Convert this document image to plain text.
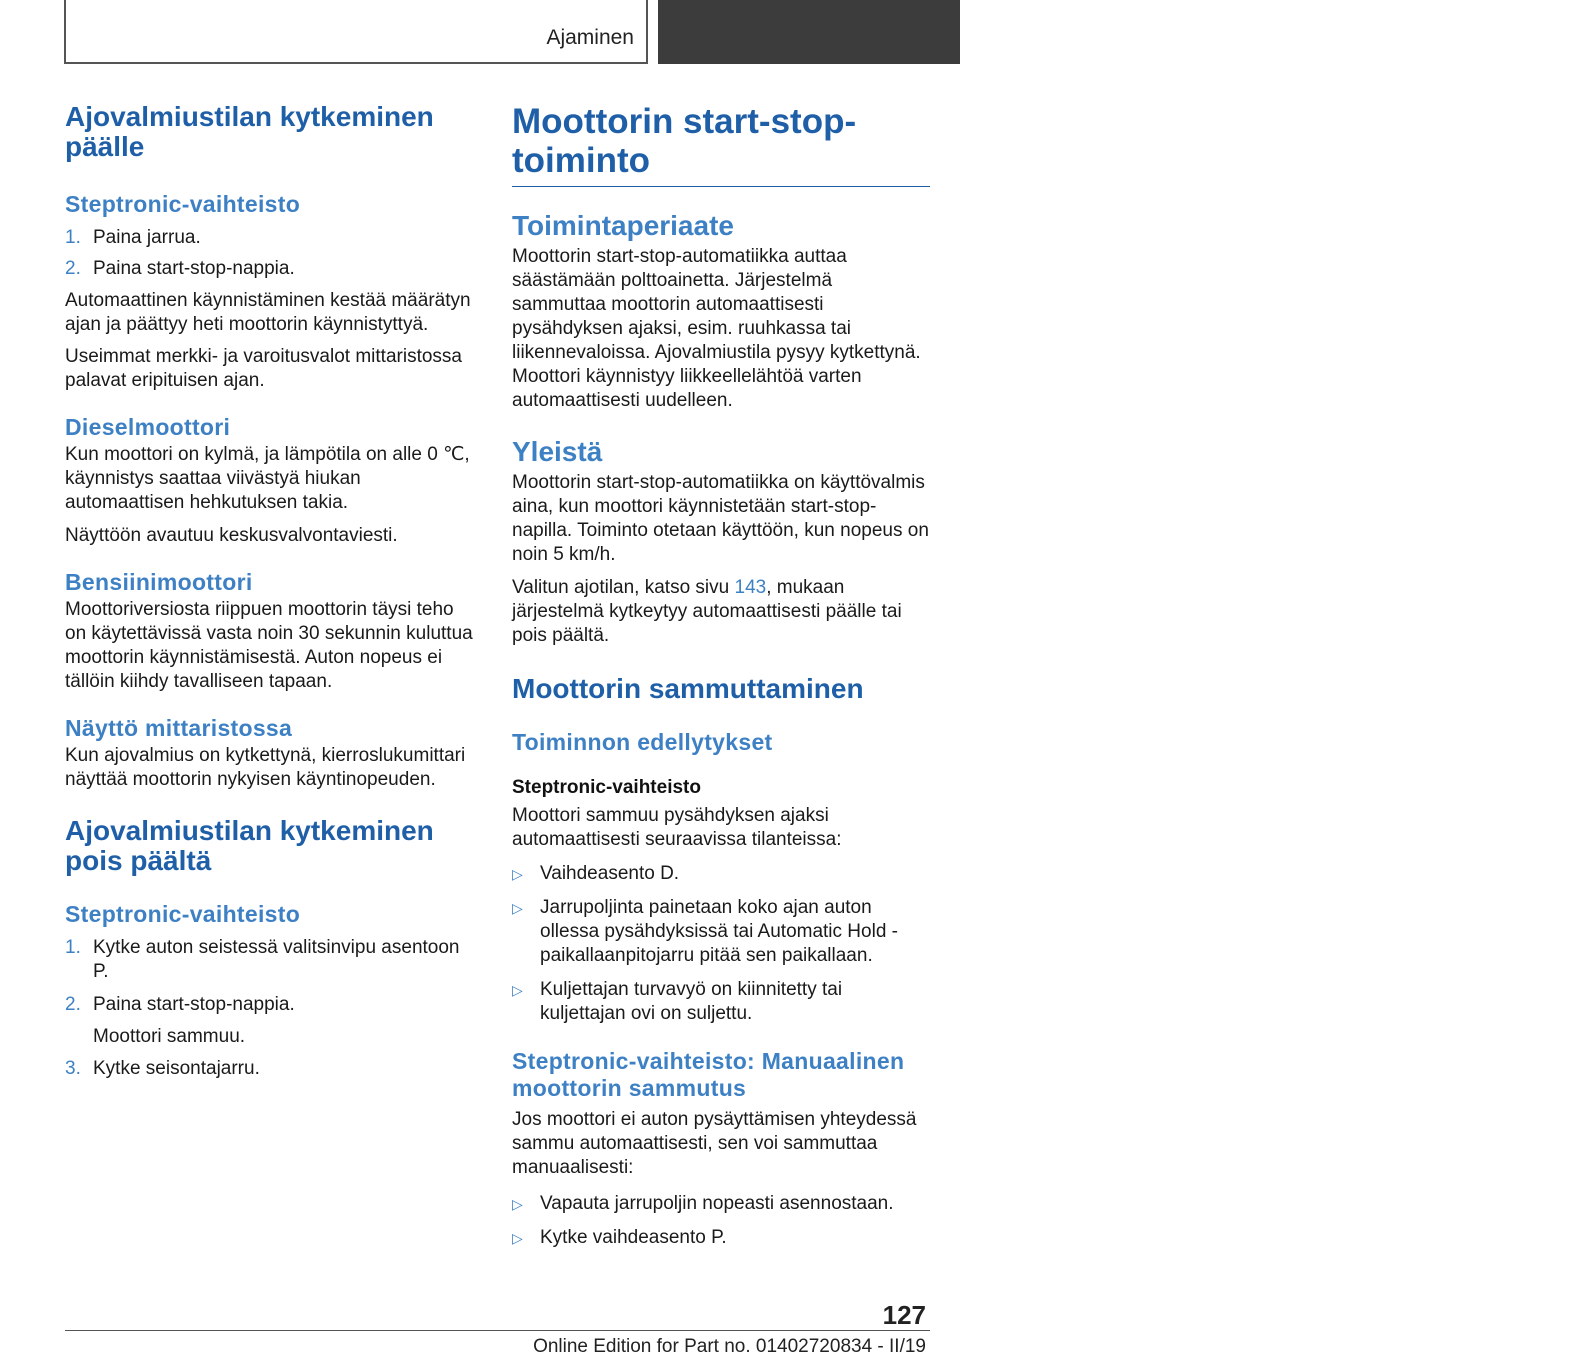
Ajaminen	KÄYTTÖ
Ajovalmiustilan kytkeminen päälle
Steptronic-vaihteisto
1. Paina jarrua.
2. Paina start-stop-nappia.

Automaattinen käynnistäminen kestää määrätyn ajan ja päättyy heti moottorin käynnistyttyä.

Useimmat merkki- ja varoitusvalot mittaristossa palavat eripituisen ajan.

Dieselmoottori

Kun moottori on kylmä, ja lämpötila on alle 0 ℃, käynnistys saattaa viivästyä hiukan automaattisen hehkutuksen takia.

Näyttöön avautuu keskusvalvontaviesti.

Bensiinimoottori

Moottoriversiosta riippuen moottorin täysi teho on käytettävissä vasta noin 30 sekunnin kuluttua moottorin käynnistämisestä. Auton nopeus ei tällöin kiihdy tavalliseen tapaan.

Näyttö mittaristossa

Kun ajovalmius on kytkettynä, kierroslukumittari näyttää moottorin nykyisen käyntinopeuden.

Ajovalmiustilan kytkeminen pois päältä
Steptronic-vaihteisto
1. Kytke auton seistessä valitsinvipu asentoon P.
2. Paina start-stop-nappia.

Moottori sammuu.

3. Kytke seisontajarru.
Moottorin start-stop-toiminto
Toimintaperiaate

Moottorin start-stop-automatiikka auttaa säästämään polttoainetta. Järjestelmä sammuttaa moottorin automaattisesti pysähdyksen ajaksi, esim. ruuhkassa tai liikennevaloissa. Ajovalmiustila pysyy kytkettynä. Moottori käynnistyy liikkeellelähtöä varten automaattisesti uudelleen.

Yleistä

Moottorin start-stop-automatiikka on käyttövalmis aina, kun moottori käynnistetään start-stop-napilla. Toiminto otetaan käyttöön, kun nopeus on noin 5 km/h.

Valitun ajotilan, katso sivu 143, mukaan järjestelmä kytkeytyy automaattisesti päälle tai pois päältä.

Moottorin sammuttaminen
Toiminnon edellytykset
Steptronic-vaihteisto

Moottori sammuu pysähdyksen ajaksi automaattisesti seuraavissa tilanteissa:

▷ Vaihdeasento D.
▷ Jarrupoljinta painetaan koko ajan auton ollessa pysähdyksissä tai Automatic Hold -paikallaanpitojarru pitää sen paikallaan.
▷ Kuljettajan turvavyö on kiinnitetty tai kuljettajan ovi on suljettu.
Steptronic-vaihteisto: Manuaalinen moottorin sammutus

Jos moottori ei auton pysäyttämisen yhteydessä sammu automaattisesti, sen voi sammuttaa manuaalisesti:

▷ Vapauta jarrupoljin nopeasti asennostaan.
▷ Kytke vaihdeasento P.
127
Online Edition for Part no. 01402720834 - II/19
